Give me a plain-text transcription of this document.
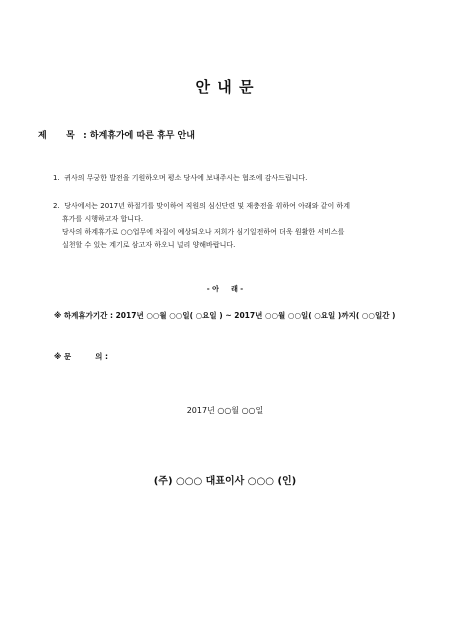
안 내 문
제 목 : 하계휴가에 따른 휴무 안내
1. 귀사의 무궁한 발전을 기원하오며 평소 당사에 보내주시는 협조에 감사드립니다.
2. 당사에서는 2017년 하절기를 맞이하여 직원의 심신단련 및 재충전을 위하여 아래와 같이 하계
휴가를 시행하고자 합니다.
당사의 하계휴가로 ○○업무에 차질이 예상되오나 저희가 심기일전하여 더욱 원활한 서비스를
실천할 수 있는 계기로 삼고자 하오니 널리 양해바랍니다.
- 아     래 -
※ 하계휴가기간 : 2017년 ○○월 ○○일( ○요일 ) ~ 2017년 ○○월 ○○일( ○요일 )까지( ○○일간 )
※ 문	의 :
2017년 ○○월 ○○일
(주) ○○○ 대표이사 ○○○ (인)
